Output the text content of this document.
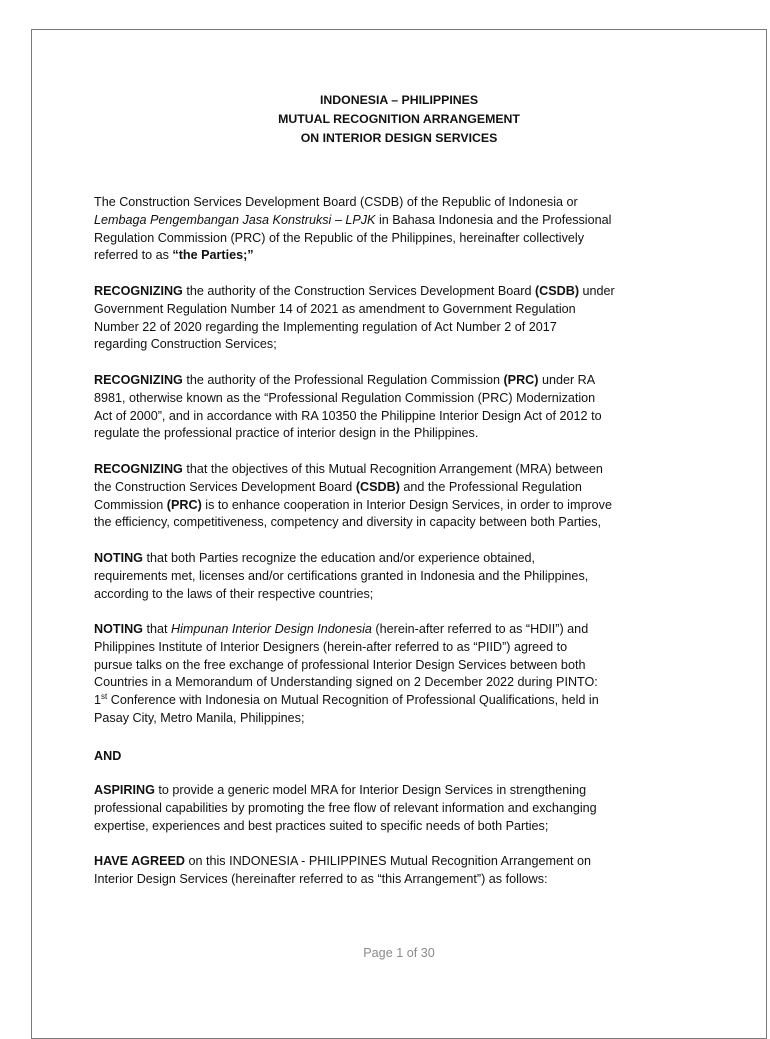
INDONESIA – PHILIPPINES
MUTUAL RECOGNITION ARRANGEMENT
ON INTERIOR DESIGN SERVICES
The Construction Services Development Board (CSDB) of the Republic of Indonesia or
Lembaga Pengembangan Jasa Konstruksi – LPJK in Bahasa Indonesia and the Professional
Regulation Commission (PRC) of the Republic of the Philippines, hereinafter collectively
referred to as “the Parties;”
RECOGNIZING the authority of the Construction Services Development Board (CSDB) under
Government Regulation Number 14 of 2021 as amendment to Government Regulation
Number 22 of 2020 regarding the Implementing regulation of Act Number 2 of 2017
regarding Construction Services;
RECOGNIZING the authority of the Professional Regulation Commission (PRC) under RA
8981, otherwise known as the “Professional Regulation Commission (PRC) Modernization
Act of 2000”, and in accordance with RA 10350 the Philippine Interior Design Act of 2012 to
regulate the professional practice of interior design in the Philippines.
RECOGNIZING that the objectives of this Mutual Recognition Arrangement (MRA) between
the Construction Services Development Board (CSDB) and the Professional Regulation
Commission (PRC) is to enhance cooperation in Interior Design Services, in order to improve
the efficiency, competitiveness, competency and diversity in capacity between both Parties,
NOTING that both Parties recognize the education and/or experience obtained,
requirements met, licenses and/or certifications granted in Indonesia and the Philippines,
according to the laws of their respective countries;
NOTING that Himpunan Interior Design Indonesia (herein-after referred to as “HDII”) and
Philippines Institute of Interior Designers (herein-after referred to as “PIID”) agreed to
pursue talks on the free exchange of professional Interior Design Services between both
Countries in a Memorandum of Understanding signed on 2 December 2022 during PINTO:
1st Conference with Indonesia on Mutual Recognition of Professional Qualifications, held in
Pasay City, Metro Manila, Philippines;
AND
ASPIRING to provide a generic model MRA for Interior Design Services in strengthening
professional capabilities by promoting the free flow of relevant information and exchanging
expertise, experiences and best practices suited to specific needs of both Parties;
HAVE AGREED on this INDONESIA - PHILIPPINES Mutual Recognition Arrangement on
Interior Design Services (hereinafter referred to as “this Arrangement”) as follows:
Page 1 of 30
